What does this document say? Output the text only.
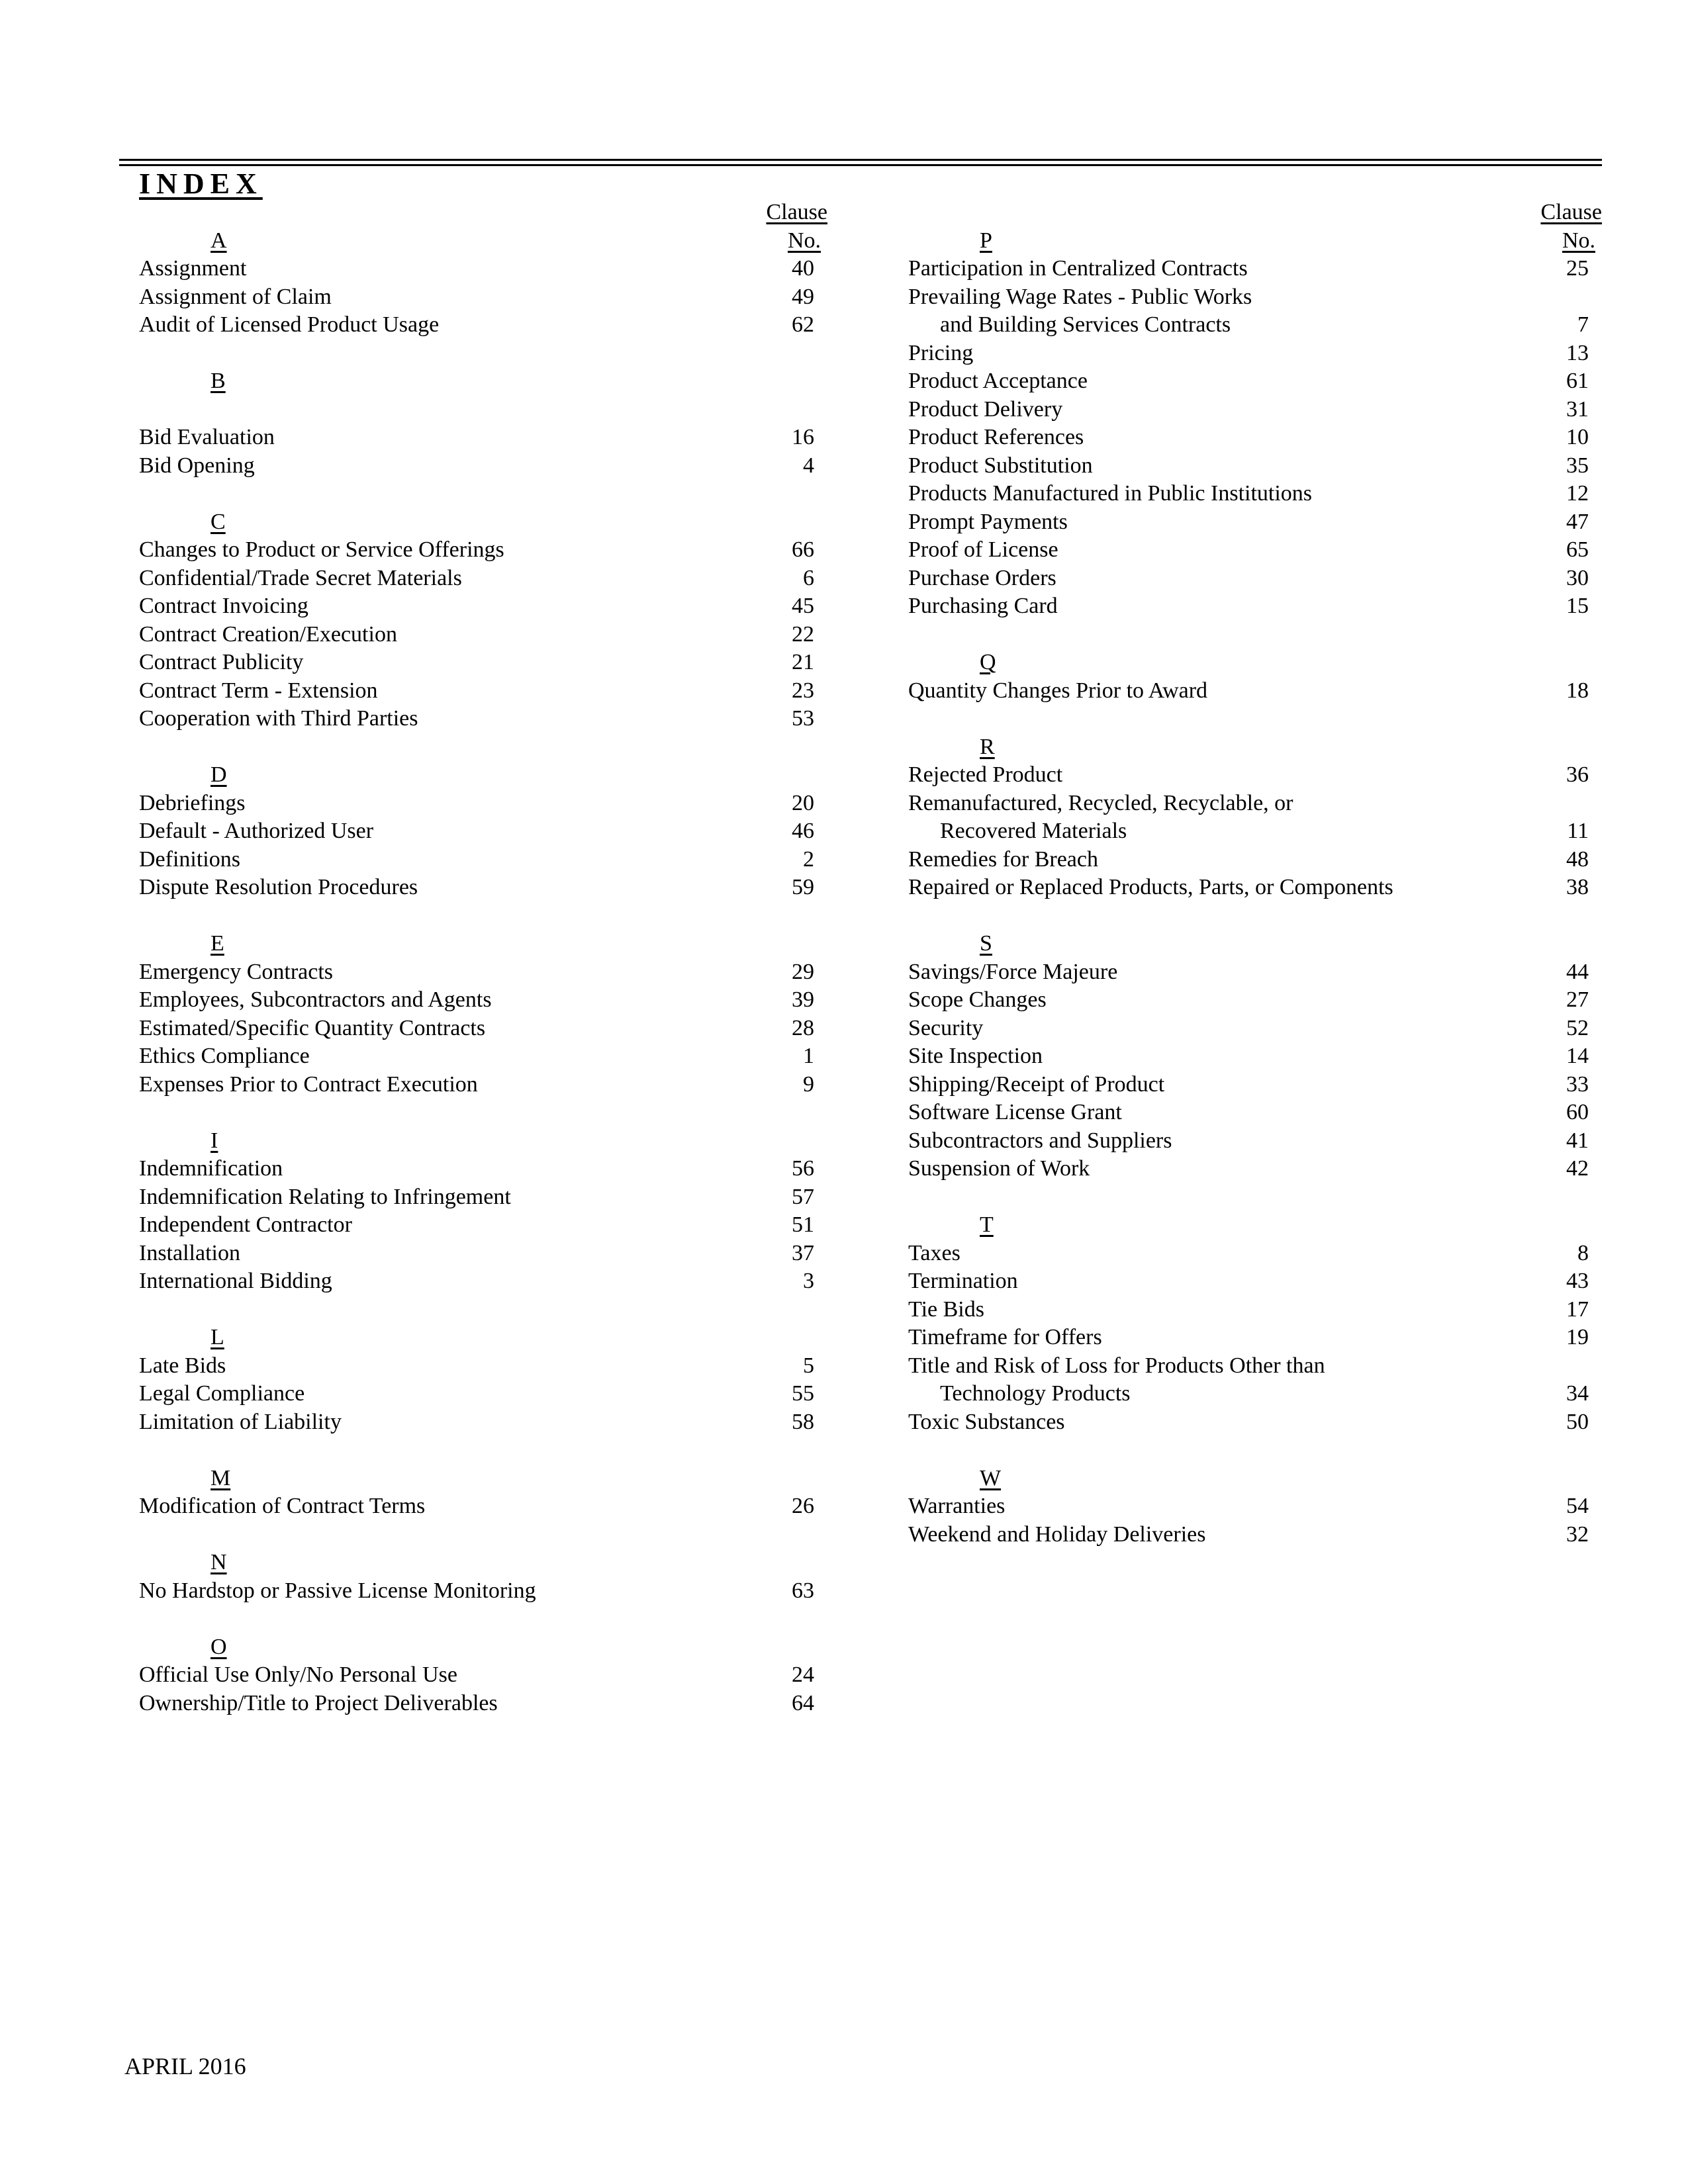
INDEX
Clause
A	No.
Assignment	40
Assignment of Claim	49
Audit of Licensed Product Usage	62
B
Bid Evaluation	16
Bid Opening	4
C
Changes to Product or Service Offerings	66
Confidential/Trade Secret Materials	6
Contract Invoicing	45
Contract Creation/Execution	22
Contract Publicity	21
Contract Term - Extension	23
Cooperation with Third Parties	53
D
Debriefings	20
Default - Authorized User	46
Definitions	2
Dispute Resolution Procedures	59
E
Emergency Contracts	29
Employees, Subcontractors and Agents	39
Estimated/Specific Quantity Contracts	28
Ethics Compliance	1
Expenses Prior to Contract Execution	9
I
Indemnification	56
Indemnification Relating to Infringement	57
Independent Contractor	51
Installation	37
International Bidding	3
L
Late Bids	5
Legal Compliance	55
Limitation of Liability	58
M
Modification of Contract Terms	26
N
No Hardstop or Passive License Monitoring	63
O
Official Use Only/No Personal Use	24
Ownership/Title to Project Deliverables	64
Clause
P	No.
Participation in Centralized Contracts	25
Prevailing Wage Rates - Public Works
and Building Services Contracts	7
Pricing	13
Product Acceptance	61
Product Delivery	31
Product References	10
Product Substitution	35
Products Manufactured in Public Institutions	12
Prompt Payments	47
Proof of License	65
Purchase Orders	30
Purchasing Card	15
Q
Quantity Changes Prior to Award	18
R
Rejected Product	36
Remanufactured, Recycled, Recyclable, or
Recovered Materials	11
Remedies for Breach	48
Repaired or Replaced Products, Parts, or Components	38
S
Savings/Force Majeure	44
Scope Changes	27
Security	52
Site Inspection	14
Shipping/Receipt of Product	33
Software License Grant	60
Subcontractors and Suppliers	41
Suspension of Work	42
T
Taxes	8
Termination	43
Tie Bids	17
Timeframe for Offers	19
Title and Risk of Loss for Products Other than
Technology Products	34
Toxic Substances	50
W
Warranties	54
Weekend and Holiday Deliveries	32
APRIL 2016
